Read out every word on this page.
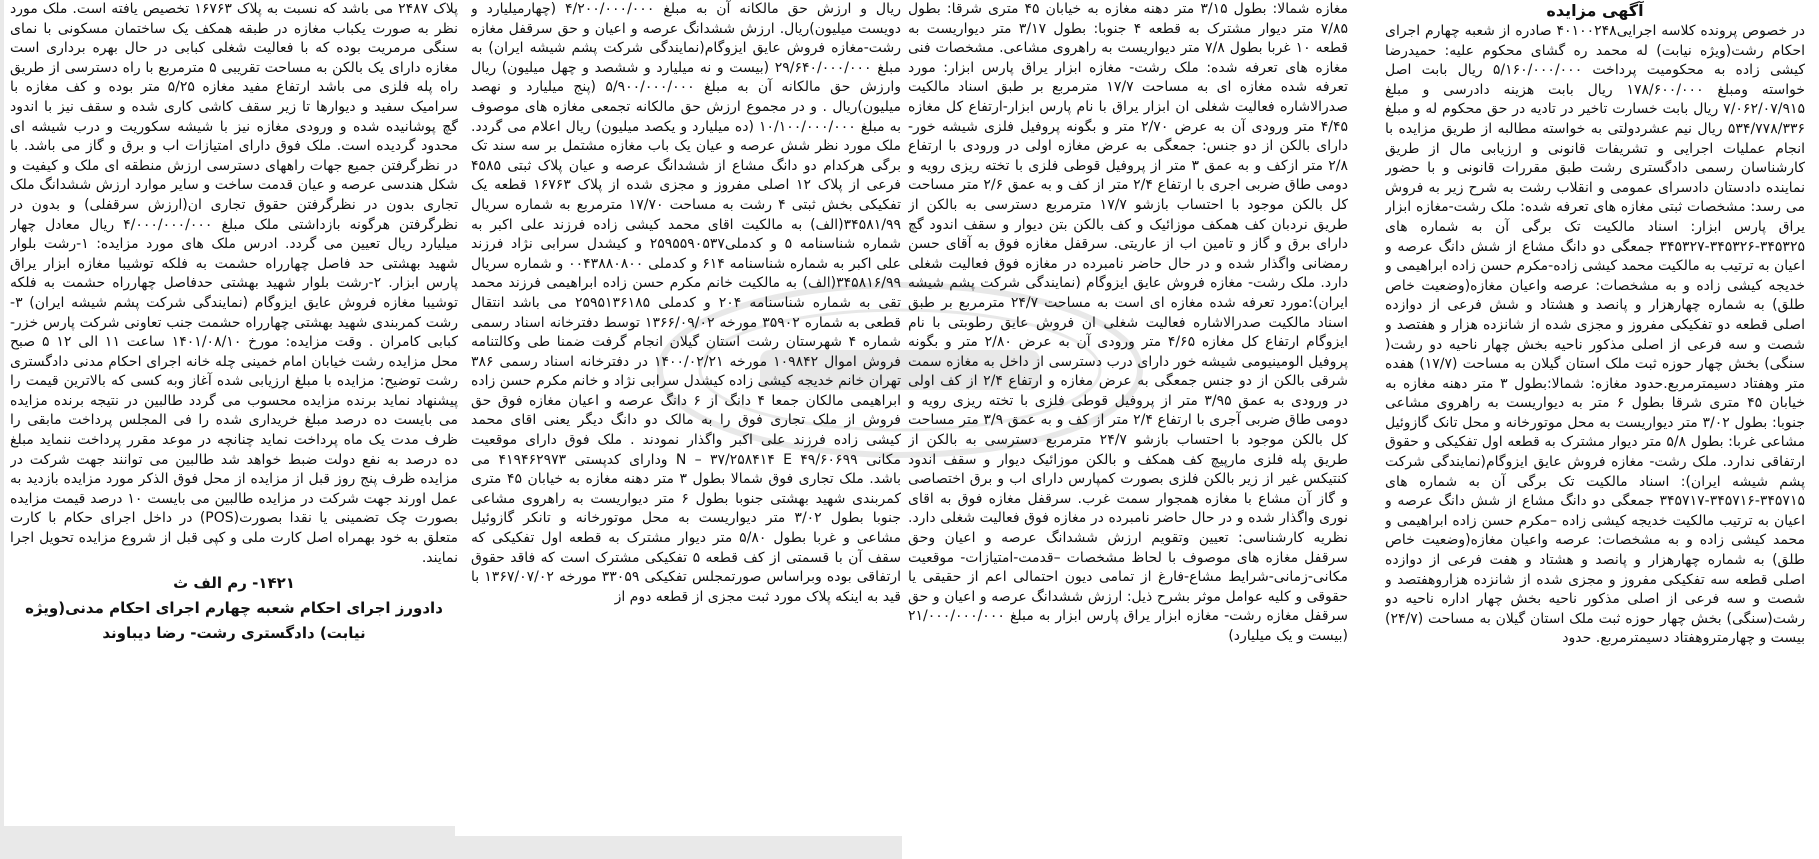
آگهی مزایده

در خصوص پرونده کلاسه اجرایی۴۰۱۰۰۲۴۸ صادره از شعبه چهارم اجرای احکام رشت(ویژه نیابت) له محمد ره گشای محکوم علیه: حمیدرضا کیشی زاده به محکومیت پرداخت ۵/۱۶۰/۰۰۰/۰۰۰ ریال بابت اصل خواسته ومبلغ ۱۷۸/۶۰۰/۰۰۰ ریال بابت هزینه دادرسی و مبلغ ۷/۰۶۲/۰۷/۹۱۵ ریال بابت خسارت تاخیر در تادیه در حق محکوم له و مبلغ ۵۳۴/۷۷۸/۳۳۶ ریال نیم عشردولتی به خواسته مطالبه از طریق مزایده با انجام عملیات اجرایی و تشریفات قانونی و ارزیابی مال از طریق کارشناسان رسمی دادگستری رشت طبق مقررات قانونی و با حضور نماینده دادستان دادسرای عمومی و انقلاب رشت به شرح زیر به فروش می رسد: مشخصات ثبتی مغازه های تعرفه شده: ملک رشت-مغازه ابزار یراق پارس ابزار: اسناد مالکیت تک برگی آن به شماره های ۳۴۵۳۲۵-۳۴۵۳۲۶-۳۴۵۳۲۷ جمعگی دو دانگ مشاع از شش دانگ عرصه و اعیان به ترتیب به مالکیت محمد کیشی زاده-مکرم حسن زاده ابراهیمی و خدیجه کیشی زاده و به مشخصات: عرصه واعیان مغازه(وضعیت خاص طلق) به شماره چهارهزار و پانصد و هشتاد و شش فرعی از دوازده اصلی قطعه دو تفکیکی مفروز و مجزی شده از شانزده هزار و هفتصد و شصت و سه فرعی از اصلی مذکور ناحیه بخش چهار ناحیه دو رشت( سنگی) بخش چهار حوزه ثبت ملک استان گیلان به مساحت (۱۷/۷) هفده متر وهفتاد دسیمترمربع.حدود مغازه: شمالا:بطول ۳ متر دهنه مغازه به خیابان ۴۵ متری شرقا بطول ۶ متر به دیواریست به راهروی مشاعی جنوبا: بطول ۳/۰۲ متر دیواریست به محل موتورخانه و محل تانک گازوئیل مشاعی غربا: بطول ۵/۸ متر دیوار مشترک به قطعه اول تفکیکی و حقوق ارتفاقی ندارد. ملک رشت- مغازه فروش عایق ایزوگام(نمایندگی شرکت پشم شیشه ایران): اسناد مالکیت تک برگی آن به شماره های ۳۴۵۷۱۵-۳۴۵۷۱۶-۳۴۵۷۱۷ جمعگی دو دانگ مشاع از شش دانگ عرصه و اعیان به ترتیب مالکیت خدیجه کیشی زاده –مکرم حسن زاده ابراهیمی و محمد کیشی زاده و به مشخصات: عرصه واعیان مغازه(وضعیت خاص طلق) به شماره چهارهزار و پانصد و هشتاد و هفت فرعی از دوازده اصلی قطعه سه تفکیکی مفروز و مجزی شده از شانزده هزاروهفتصد و شصت و سه فرعی از اصلی مذکور ناحیه بخش چهار اداره ناحیه دو رشت(سنگی) بخش چهار حوزه ثبت ملک استان گیلان به مساحت (۲۴/۷) بیست و چهارمتروهفتاد دسیمترمربع. حدود

مغازه شمالا: بطول ۳/۱۵ متر دهنه مغازه به خیابان ۴۵ متری شرقا: بطول ۷/۸۵ متر دیوار مشترک به قطعه ۴ جنوبا: بطول ۳/۱۷ متر دیواریست به قطعه ۱۰ غربا بطول ۷/۸ متر دیواریست به راهروی مشاعی. مشخصات فنی مغازه های تعرفه شده: ملک رشت- مغازه ابزار یراق پارس ابزار: مورد تعرفه شده مغازه ای به مساحت ۱۷/۷ مترمربع بر طبق اسناد مالکیت صدرالاشاره فعالیت شغلی ان ابزار یراق با نام پارس ابزار-ارتفاع کل مغازه ۴/۴۵ متر ورودی آن به عرض ۲/۷۰ متر و بگونه پروفیل فلزی شیشه خور-دارای بالکن از دو جنس: جمعگی به عرض مغازه اولی در ورودی با ارتفاع ۲/۸ متر ازکف و به عمق ۳ متر از پروفیل قوطی فلزی با تخته ریزی رویه و دومی طاق ضربی اجری با ارتفاع ۲/۴ متر از کف و به عمق ۲/۶ متر مساحت کل بالکن موجود با احتساب بازشو ۱۷/۷ مترمربع دسترسی به بالکن از طریق نردبان کف همکف موزائیک و کف بالکن بتن دیوار و سقف اندود گچ دارای برق و گاز و تامین اب از عاریتی. سرقفل مغازه فوق به آقای حسن رمضانی واگذار شده و در حال حاضر نامبرده در مغازه فوق فعالیت شغلی دارد. ملک رشت- مغازه فروش عایق ایزوگام (نمایندگی شرکت پشم شیشه ایران):مورد تعرفه شده مغازه ای است به مساحت ۲۴/۷ مترمربع بر طبق اسناد مالکیت صدرالاشاره فعالیت شغلی ان فروش عایق رطوبتی با نام ایزوگام ارتفاع کل مغازه ۴/۶۵ متر ورودی آن به عرض ۲/۸۰ متر و بگونه پروفیل الومینیومی شیشه خور دارای درب دسترسی از داخل به مغازه سمت شرقی بالکن از دو جنس جمعگی به عرض مغازه و ارتفاع ۲/۴ از کف اولی در ورودی به عمق ۳/۹۵ متر از پروفیل قوطی فلزی با تخته ریزی رویه و دومی طاق ضربی آجری با ارتفاع ۲/۴ متر از کف و به عمق ۳/۹ متر مساحت کل بالکن موجود با احتساب بازشو ۲۴/۷ مترمربع دسترسی به بالکن از طریق پله فلزی مارپیچ کف همکف و بالکن موزائیک دیوار و سقف اندود کنتیکس غیر از زیر بالکن فلزی بصورت کمپارس دارای اب و برق اختصاصی و گاز آن مشاع با مغازه همجوار سمت غرب. سرقفل مغازه فوق به اقای نوری واگذار شده و در حال حاضر نامبرده در مغازه فوق فعالیت شغلی دارد. نظریه کارشناسی: تعیین وتقویم ارزش ششدانگ عرصه و اعیان وحق سرقفل مغازه های موصوف با لحاظ مشخصات –قدمت-امتیازات- موقعیت مکانی-زمانی-شرایط مشاع-فارغ از تمامی دیون احتمالی اعم از حقیقی یا حقوقی و کلیه عوامل موثر بشرح ذیل: ارزش ششدانگ عرصه و اعیان و حق سرقفل مغازه رشت- مغازه ابزار یراق پارس ابزار به مبلغ ۲۱/۰۰۰/۰۰۰/۰۰۰ (بیست و یک میلیارد)

ریال و ارزش حق مالکانه آن به مبلغ ۴/۲۰۰/۰۰۰/۰۰۰ (چهارمیلیارد و دویست میلیون)ریال. ارزش ششدانگ عرصه و اعیان و حق سرقفل مغازه رشت-مغازه فروش عایق ایزوگام(نمایندگی شرکت پشم شیشه ایران) به مبلغ ۲۹/۶۴۰/۰۰۰/۰۰۰ (بیست و نه میلیارد و ششصد و چهل میلیون) ریال وارزش حق مالکانه آن به مبلغ ۵/۹۰۰/۰۰۰/۰۰۰ (پنج میلیارد و نهصد میلیون)ریال . و در مجموع ارزش حق مالکانه تجمعی مغازه های موصوف به مبلغ ۱۰/۱۰۰/۰۰۰/۰۰۰ (ده میلیارد و یکصد میلیون) ریال اعلام می گردد. ملک مورد نظر شش عرصه و عیان یک باب مغازه مشتمل بر سه سند تک برگی هرکدام دو دانگ مشاع از ششدانگ عرصه و عیان پلاک ثبتی ۴۵۸۵ فرعی از پلاک ۱۲ اصلی مفروز و مجزی شده از پلاک ۱۶۷۶۳ قطعه یک تفکیکی بخش ثبتی ۴ رشت به مساحت ۱۷/۷۰ مترمربع به شماره سریال ۳۴۵۸۱/۹۹(الف) به مالکیت اقای محمد کیشی زاده فرزند علی اکبر به شماره شناسنامه ۵ و کدملی۲۵۹۵۵۹۰۵۳۷ و کیشدل سرابی نژاد فرزند علی اکبر به شماره شناسنامه ۶۱۴ و کدملی ۰۰۴۳۸۸۰۸۰۰ و شماره سریال ۳۴۵۸۱۶/۹۹(الف) به مالکیت خانم مکرم حسن زاده ابراهیمی فرزند محمد تقی به شماره شناسنامه ۲۰۴ و کدملی ۲۵۹۵۱۳۶۱۸۵ می باشد انتقال قطعی به شماره ۳۵۹۰۲ مورخه ۱۳۶۶/۰۹/۰۲ توسط دفترخانه اسناد رسمی شماره ۴ شهرستان رشت استان گیلان انجام گرفت ضمنا طی وکالتنامه فروش اموال ۱۰۹۸۴۲ مورخه ۱۴۰۰/۰۲/۲۱ در دفترخانه اسناد رسمی ۳۸۶ تهران خانم خدیجه کیشی زاده کیشدل سرابی نژاد و خانم مکرم حسن زاده ابراهیمی مالکان جمعا ۴ دانگ از ۶ دانگ عرصه و اعیان مغازه فوق حق فروش از ملک تجاری فوق را به مالک دو دانگ دیگر یعنی اقای محمد کیشی زاده فرزند علی اکبر واگذار نمودند . ملک فوق دارای موقعیت مکانی N – ۳۷/۲۵۸۴۱۴ E ۴۹/۶۰۶۹۹ ودارای کدپستی ۴۱۹۴۶۲۹۷۳ می باشد. ملک تجاری فوق شمالا بطول ۳ متر دهنه مغازه به خیابان ۴۵ متری کمربندی شهید بهشتی جنوبا بطول ۶ متر دیواریست به راهروی مشاعی جنوبا بطول ۳/۰۲ متر دیواریست به محل موتورخانه و تانکر گازوئیل مشاعی و غربا بطول ۵/۸۰ متر دیوار مشترک به قطعه اول تفکیکی که سقف آن با قسمتی از کف قطعه ۵ تفکیکی مشترک است که فاقد حقوق ارتفاقی بوده وبراساس صورتمجلس تفکیکی ۳۳۰۵۹ مورخه ۱۳۶۷/۰۷/۰۲ با قید به اینکه پلاک مورد ثبت مجزی از قطعه دوم از

پلاک ۲۴۸۷ می باشد که نسبت به پلاک ۱۶۷۶۳ تخصیص یافته است. ملک مورد نظر به صورت یکباب مغازه در طبقه همکف یک ساختمان مسکونی با نمای سنگی مرمریت بوده که با فعالیت شغلی کبابی در حال بهره برداری است مغازه دارای یک بالکن به مساحت تقریبی ۵ مترمربع با راه دسترسی از طریق راه پله فلزی می باشد ارتفاع مفید مغازه ۵/۲۵ متر بوده و کف مغازه با سرامیک سفید و دیوارها تا زیر سقف کاشی کاری شده و سقف نیز با اندود گچ پوشانیده شده و ورودی مغازه نیز با شیشه سکوریت و درب شیشه ای محدود گردیده است. ملک فوق دارای امتیازات اب و برق و گاز می باشد. با در نظرگرفتن جمیع جهات راههای دسترسی ارزش منطقه ای ملک و کیفیت و شکل هندسی عرصه و عیان قدمت ساخت و سایر موارد ارزش ششدانگ ملک تجاری بدون در نظرگرفتن حقوق تجاری ان(ارزش سرقفلی) و بدون در نظرگرفتن هرگونه بازداشتی ملک مبلغ ۴/۰۰۰/۰۰۰/۰۰۰ ریال معادل چهار میلیارد ریال تعیین می گردد. ادرس ملک های مورد مزایده: ۱-رشت بلوار شهید بهشتی حد فاصل چهارراه حشمت به فلکه توشیبا مغازه ابزار یراق پارس ابزار. ۲-رشت بلوار شهید بهشتی حدفاصل چهارراه حشمت به فلکه توشیبا مغازه فروش عایق ایزوگام (نمایندگی شرکت پشم شیشه ایران) ۳-رشت کمربندی شهید بهشتی چهارراه حشمت جنب تعاونی شرکت پارس خزر-کبابی کامران . وقت مزایده: مورخ ۱۴۰۱/۰۸/۱۰ ساعت ۱۱ الی ۱۲ ۵ صبح محل مزایده رشت خیابان امام خمینی چله خانه اجرای احکام مدنی دادگستری رشت توضیح: مزایده با مبلغ ارزیابی شده آغاز وبه کسی که بالاترین قیمت را پیشنهاد نماید برنده مزایده محسوب می گردد طالبین در نتیجه برنده مزایده می بایست ده درصد مبلغ خریداری شده را فی المجلس پرداخت مابقی را ظرف مدت یک ماه پرداخت نماید چنانچه در موعد مقرر پرداخت ننماید مبلغ ده درصد به نفع دولت ضبط خواهد شد طالبین می توانند جهت شرکت در مزایده ظرف پنج روز قبل از مزایده از محل فوق الذکر مورد مزایده بازدید به عمل اورند جهت شرکت در مزایده طالبین می بایست ۱۰ درصد قیمت مزایده بصورت چک تضمینی یا نقدا بصورت(POS) در داخل اجرای حکام با کارت متعلق به خود بهمراه اصل کارت ملی و کپی قبل از شروع مزایده تحویل اجرا نمایند.

۱۴۲۱- رم الف ث
دادورز اجرای احکام شعبه چهارم اجرای احکام مدنی(ویژه
نیابت) دادگستری رشت- رضا دیباوند
